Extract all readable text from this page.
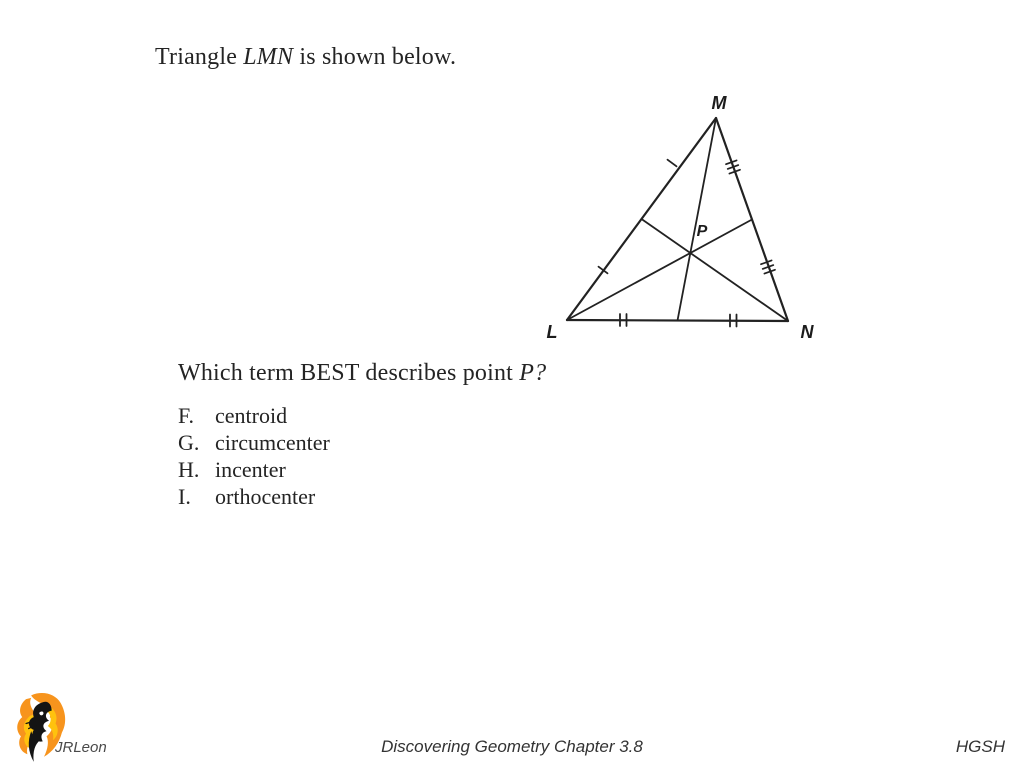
Triangle LMN is shown below.
M
L	N
P
Which term BEST describes point P?
F. centroid
G. circumcenter
H. incenter
I.	orthocenter
JRLeon	Discovering Geometry Chapter 3.8	HGSH
